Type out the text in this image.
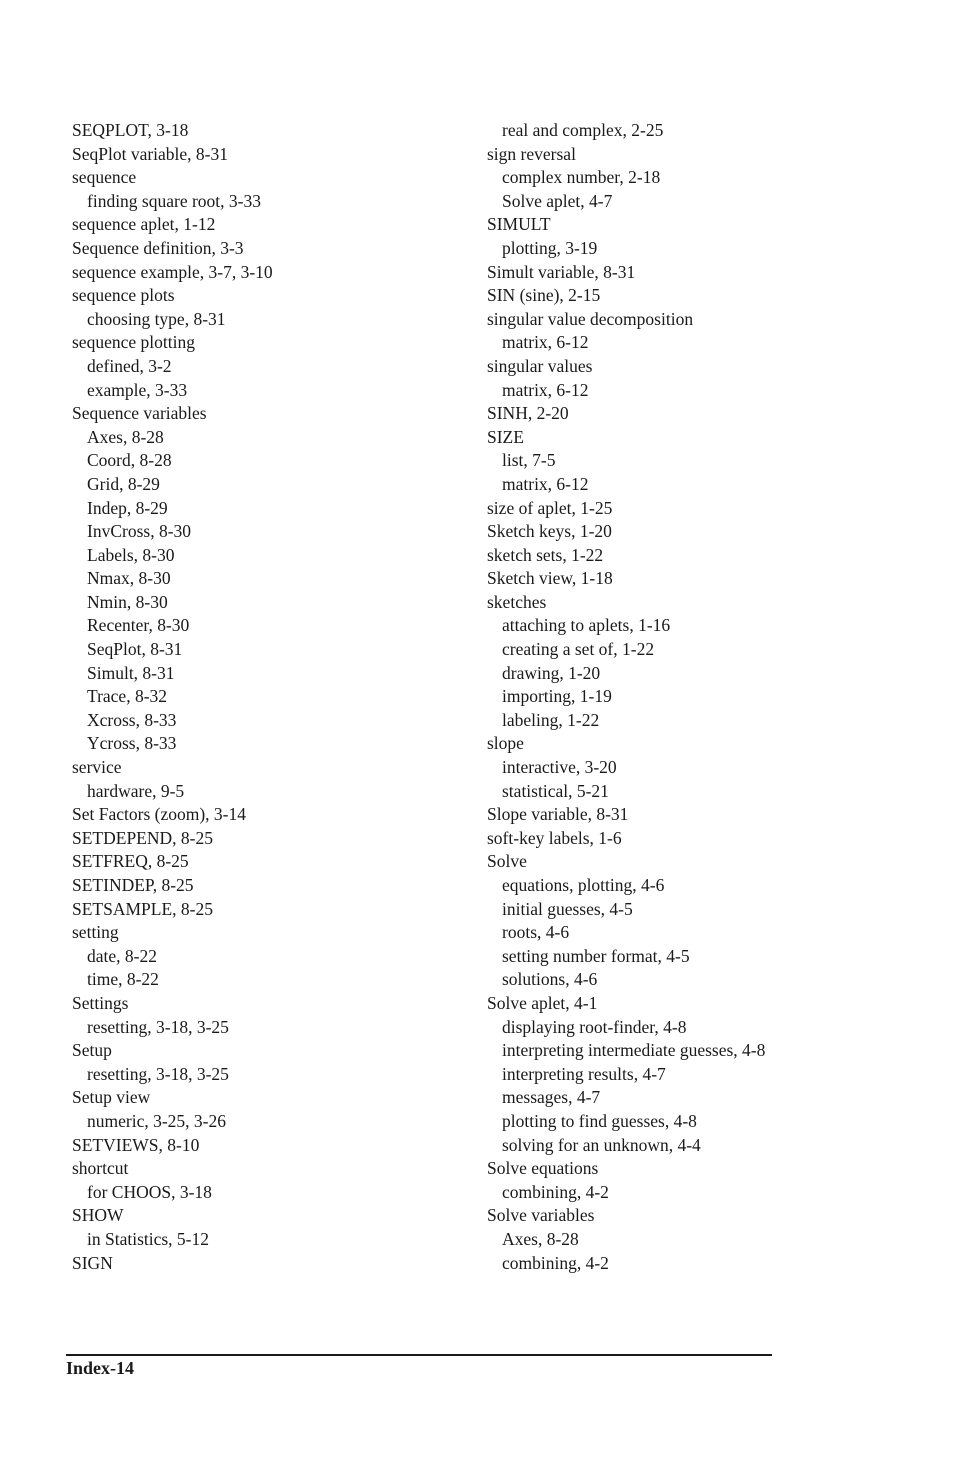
SEQPLOT, 3-18
SeqPlot variable, 8-31
sequence
finding square root, 3-33
sequence aplet, 1-12
Sequence definition, 3-3
sequence example, 3-7, 3-10
sequence plots
choosing type, 8-31
sequence plotting
defined, 3-2
example, 3-33
Sequence variables
Axes, 8-28
Coord, 8-28
Grid, 8-29
Indep, 8-29
InvCross, 8-30
Labels, 8-30
Nmax, 8-30
Nmin, 8-30
Recenter, 8-30
SeqPlot, 8-31
Simult, 8-31
Trace, 8-32
Xcross, 8-33
Ycross, 8-33
service
hardware, 9-5
Set Factors (zoom), 3-14
SETDEPEND, 8-25
SETFREQ, 8-25
SETINDEP, 8-25
SETSAMPLE, 8-25
setting
date, 8-22
time, 8-22
Settings
resetting, 3-18, 3-25
Setup
resetting, 3-18, 3-25
Setup view
numeric, 3-25, 3-26
SETVIEWS, 8-10
shortcut
for CHOOS, 3-18
SHOW
in Statistics, 5-12
SIGN
real and complex, 2-25
sign reversal
complex number, 2-18
Solve aplet, 4-7
SIMULT
plotting, 3-19
Simult variable, 8-31
SIN (sine), 2-15
singular value decomposition
matrix, 6-12
singular values
matrix, 6-12
SINH, 2-20
SIZE
list, 7-5
matrix, 6-12
size of aplet, 1-25
Sketch keys, 1-20
sketch sets, 1-22
Sketch view, 1-18
sketches
attaching to aplets, 1-16
creating a set of, 1-22
drawing, 1-20
importing, 1-19
labeling, 1-22
slope
interactive, 3-20
statistical, 5-21
Slope variable, 8-31
soft-key labels, 1-6
Solve
equations, plotting, 4-6
initial guesses, 4-5
roots, 4-6
setting number format, 4-5
solutions, 4-6
Solve aplet, 4-1
displaying root-finder, 4-8
interpreting intermediate guesses, 4-8
interpreting results, 4-7
messages, 4-7
plotting to find guesses, 4-8
solving for an unknown, 4-4
Solve equations
combining, 4-2
Solve variables
Axes, 8-28
combining, 4-2
Index-14
